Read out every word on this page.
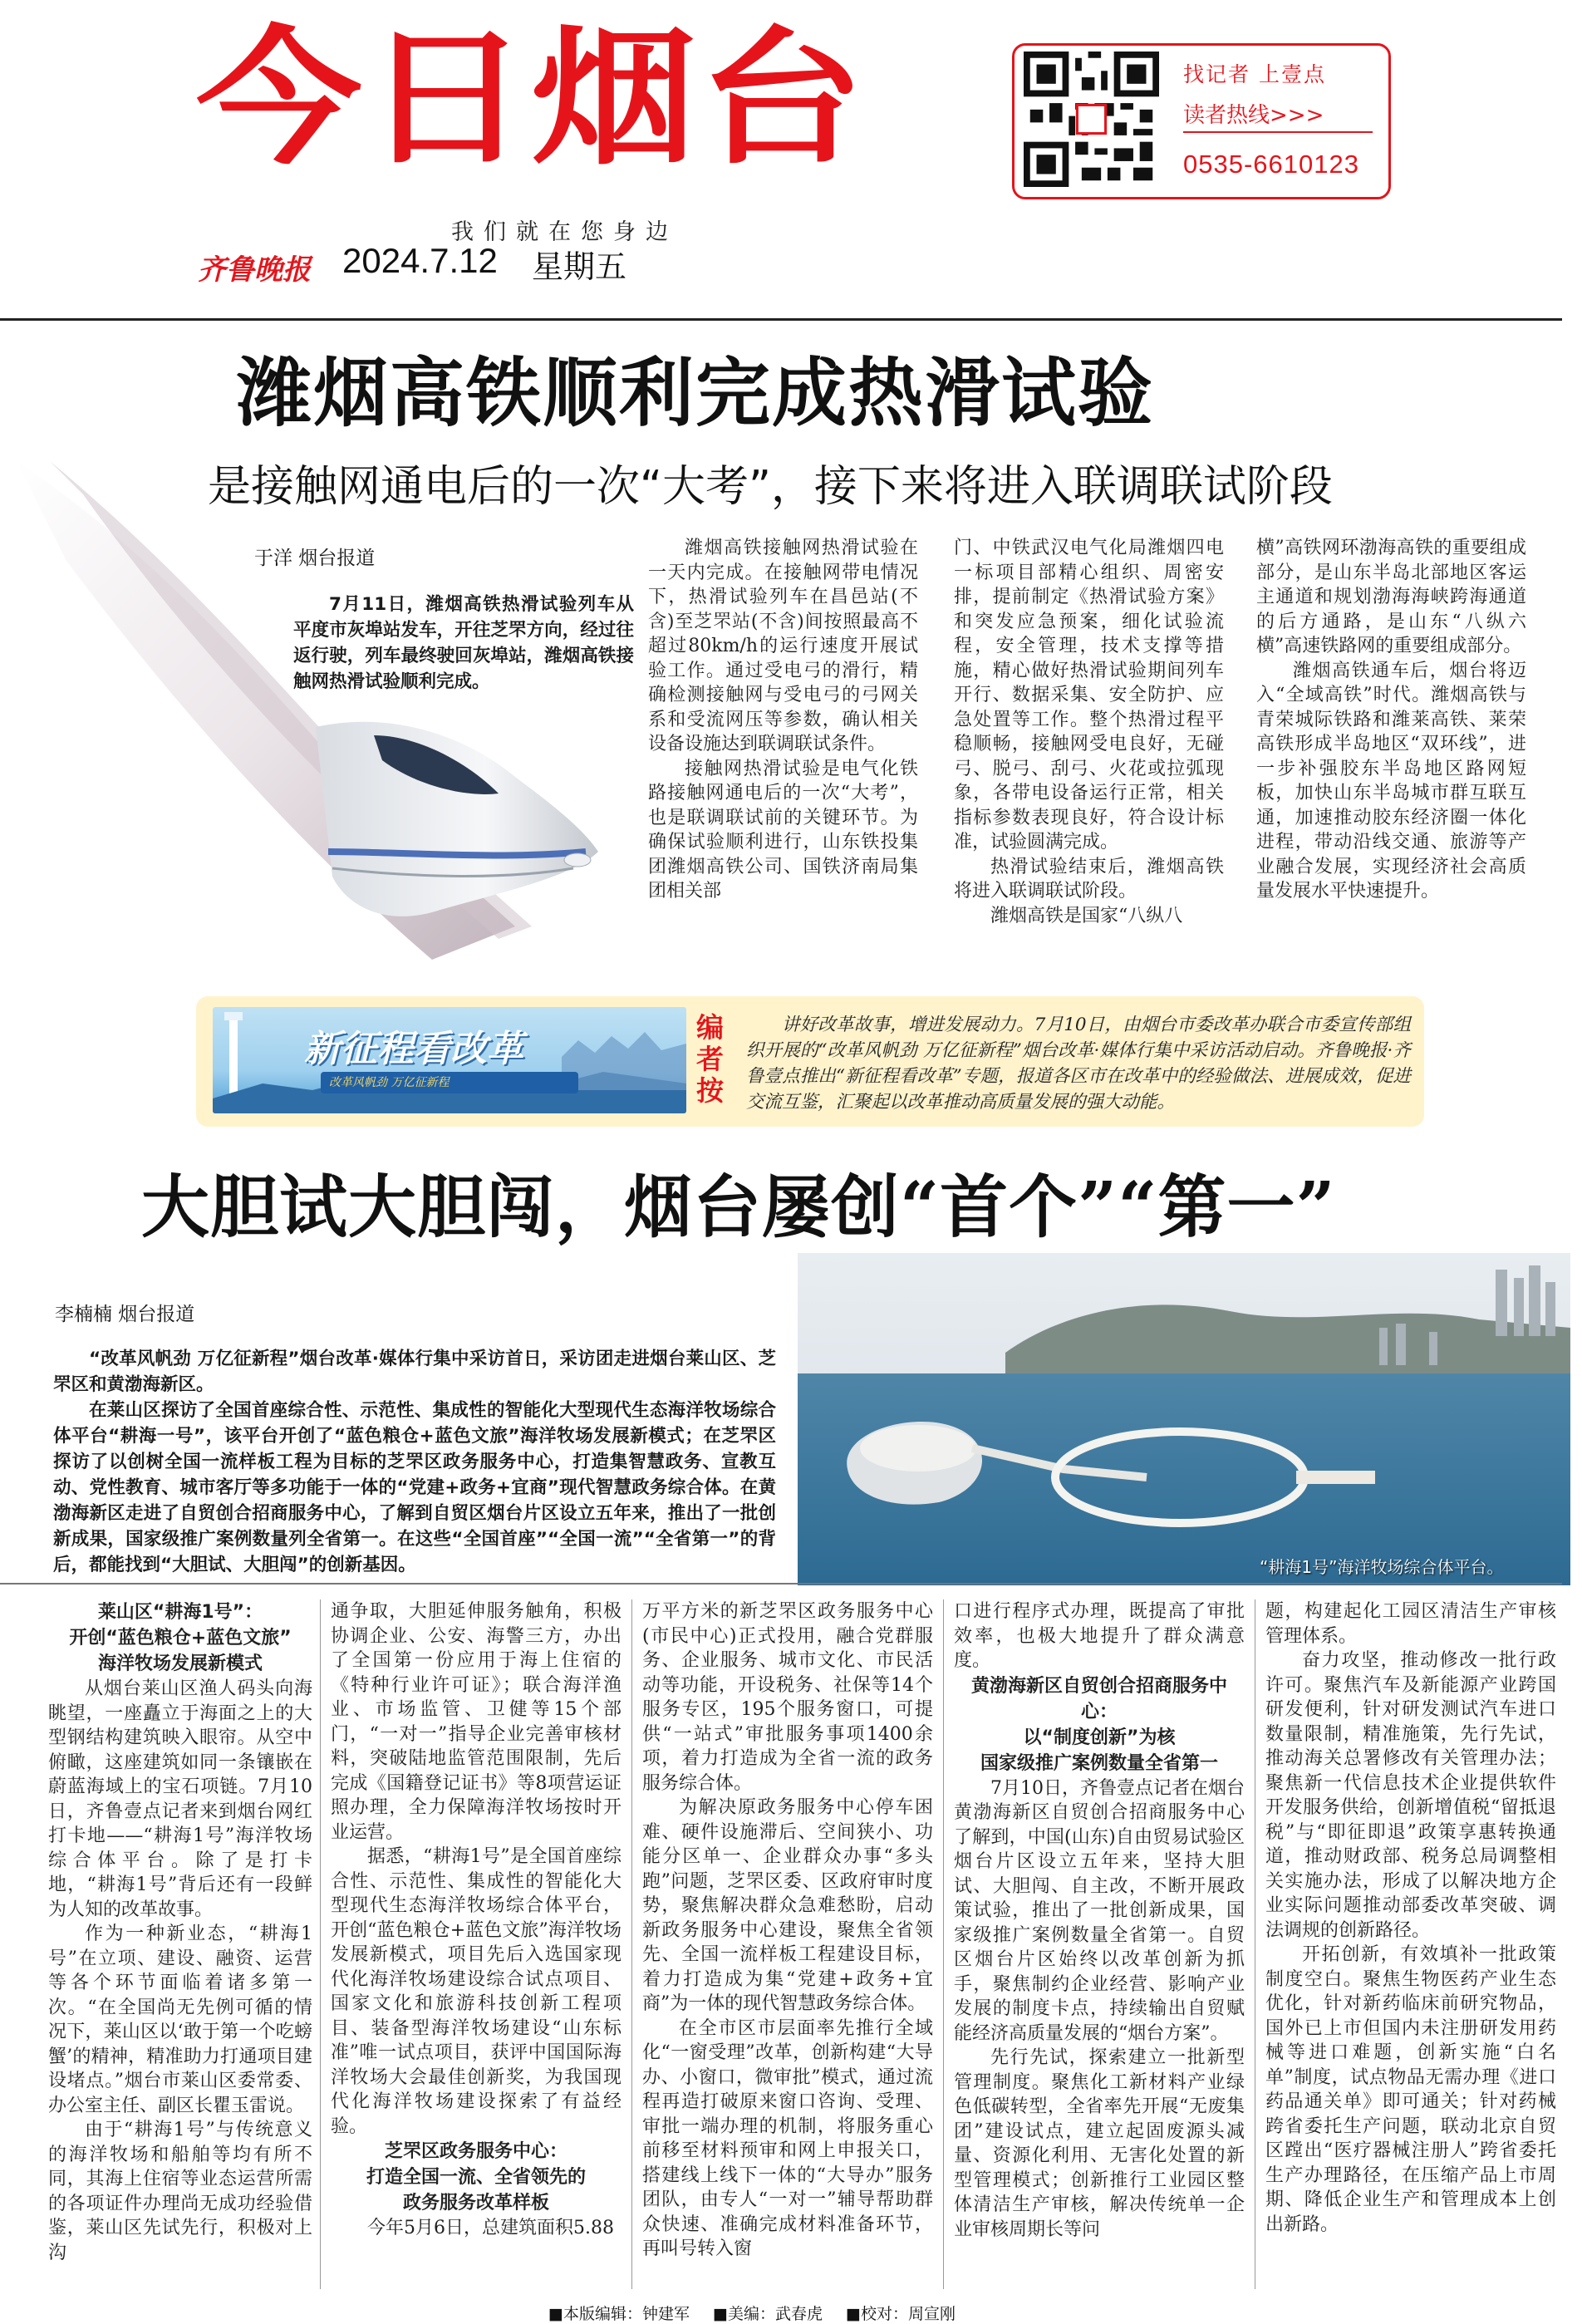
今日烟台
我们就在您身边
齐鲁晚报 2024.7.12 星期五
找记者 上壹点
读者热线>>>
0535-6610123
潍烟高铁顺利完成热滑试验
是接触网通电后的一次“大考”，接下来将进入联调联试阶段
于洋 烟台报道

7月11日，潍烟高铁热滑试验列车从平度市灰埠站发车，开往芝罘方向，经过往返行驶，列车最终驶回灰埠站，潍烟高铁接触网热滑试验顺利完成。

潍烟高铁接触网热滑试验在一天内完成。在接触网带电情况下，热滑试验列车在昌邑站(不含)至芝罘站(不含)间按照最高不超过80km/h的运行速度开展试验工作。通过受电弓的滑行，精确检测接触网与受电弓的弓网关系和受流网压等参数，确认相关设备设施达到联调联试条件。

接触网热滑试验是电气化铁路接触网通电后的一次“大考”，也是联调联试前的关键环节。为确保试验顺利进行，山东铁投集团潍烟高铁公司、国铁济南局集团相关部

门、中铁武汉电气化局潍烟四电一标项目部精心组织、周密安排，提前制定《热滑试验方案》和突发应急预案，细化试验流程，安全管理，技术支撑等措施，精心做好热滑试验期间列车开行、数据采集、安全防护、应急处置等工作。整个热滑过程平稳顺畅，接触网受电良好，无碰弓、脱弓、刮弓、火花或拉弧现象，各带电设备运行正常，相关指标参数表现良好，符合设计标准，试验圆满完成。

热滑试验结束后，潍烟高铁将进入联调联试阶段。

潍烟高铁是国家“八纵八

横”高铁网环渤海高铁的重要组成部分，是山东半岛北部地区客运主通道和规划渤海海峡跨海通道的后方通路，是山东“八纵六横”高速铁路网的重要组成部分。

潍烟高铁通车后，烟台将迈入“全域高铁”时代。潍烟高铁与青荣城际铁路和潍莱高铁、莱荣高铁形成半岛地区“双环线”，进一步补强胶东半岛地区路网短板，加快山东半岛城市群互联互通，加速推动胶东经济圈一体化进程，带动沿线交通、旅游等产业融合发展，实现经济社会高质量发展水平快速提升。

新征程看改革
改革风帆劲 万亿征新程
编者按
讲好改革故事，增进发展动力。7月10日，由烟台市委改革办联合市委宣传部组织开展的“改革风帆劲 万亿征新程”烟台改革·媒体行集中采访活动启动。齐鲁晚报·齐鲁壹点推出“新征程看改革”专题，报道各区市在改革中的经验做法、进展成效，促进交流互鉴，汇聚起以改革推动高质量发展的强大动能。
大胆试大胆闯，烟台屡创“首个”“第一”
“耕海1号”海洋牧场综合体平台。
李楠楠 烟台报道

“改革风帆劲 万亿征新程”烟台改革·媒体行集中采访首日，采访团走进烟台莱山区、芝罘区和黄渤海新区。

在莱山区探访了全国首座综合性、示范性、集成性的智能化大型现代生态海洋牧场综合体平台“耕海一号”，该平台开创了“蓝色粮仓+蓝色文旅”海洋牧场发展新模式；在芝罘区探访了以创树全国一流样板工程为目标的芝罘区政务服务中心，打造集智慧政务、宣教互动、党性教育、城市客厅等多功能于一体的“党建+政务+宜商”现代智慧政务综合体。在黄渤海新区走进了自贸创合招商服务中心，了解到自贸区烟台片区设立五年来，推出了一批创新成果，国家级推广案例数量列全省第一。在这些“全国首座”“全国一流”“全省第一”的背后，都能找到“大胆试、大胆闯”的创新基因。

莱山区“耕海1号”：
开创“蓝色粮仓+蓝色文旅”
海洋牧场发展新模式

从烟台莱山区渔人码头向海眺望，一座矗立于海面之上的大型钢结构建筑映入眼帘。从空中俯瞰，这座建筑如同一条镶嵌在蔚蓝海域上的宝石项链。7月10日，齐鲁壹点记者来到烟台网红打卡地——“耕海1号”海洋牧场综合体平台。除了是打卡地，“耕海1号”背后还有一段鲜为人知的改革故事。

作为一种新业态，“耕海1号”在立项、建设、融资、运营等各个环节面临着诸多第一次。“在全国尚无先例可循的情况下，莱山区以‘敢于第一个吃螃蟹’的精神，精准助力打通项目建设堵点。”烟台市莱山区委常委、办公室主任、副区长瞿玉雷说。

由于“耕海1号”与传统意义的海洋牧场和船舶等均有所不同，其海上住宿等业态运营所需的各项证件办理尚无成功经验借鉴，莱山区先试先行，积极对上沟

通争取，大胆延伸服务触角，积极协调企业、公安、海警三方，办出了全国第一份应用于海上住宿的《特种行业许可证》；联合海洋渔业、市场监管、卫健等15个部门，“一对一”指导企业完善审核材料，突破陆地监管范围限制，先后完成《国籍登记证书》等8项营运证照办理，全力保障海洋牧场按时开业运营。

据悉，“耕海1号”是全国首座综合性、示范性、集成性的智能化大型现代生态海洋牧场综合体平台，开创“蓝色粮仓+蓝色文旅”海洋牧场发展新模式，项目先后入选国家现代化海洋牧场建设综合试点项目、国家文化和旅游科技创新工程项目、装备型海洋牧场建设“山东标准”唯一试点项目，获评中国国际海洋牧场大会最佳创新奖，为我国现代化海洋牧场建设探索了有益经验。

芝罘区政务服务中心：
打造全国一流、全省领先的
政务服务改革样板

今年5月6日，总建筑面积5.88

万平方米的新芝罘区政务服务中心(市民中心)正式投用，融合党群服务、企业服务、城市文化、市民活动等功能，开设税务、社保等14个服务专区，195个服务窗口，可提供“一站式”审批服务事项1400余项，着力打造成为全省一流的政务服务综合体。

为解决原政务服务中心停车困难、硬件设施滞后、空间狭小、功能分区单一、企业群众办事“多头跑”问题，芝罘区委、区政府审时度势，聚焦解决群众急难愁盼，启动新政务服务中心建设，聚焦全省领先、全国一流样板工程建设目标，着力打造成为集“党建+政务+宜商”为一体的现代智慧政务综合体。

在全市区市层面率先推行全域化“一窗受理”改革，创新构建“大导办、小窗口，微审批”模式，通过流程再造打破原来窗口咨询、受理、审批一端办理的机制，将服务重心前移至材料预审和网上申报关口，搭建线上线下一体的“大导办”服务团队，由专人“一对一”辅导帮助群众快速、准确完成材料准备环节，再叫号转入窗

口进行程序式办理，既提高了审批效率，也极大地提升了群众满意度。

黄渤海新区自贸创合招商服务中心：
以“制度创新”为核
国家级推广案例数量全省第一

7月10日，齐鲁壹点记者在烟台黄渤海新区自贸创合招商服务中心了解到，中国(山东)自由贸易试验区烟台片区设立五年来，坚持大胆试、大胆闯、自主改，不断开展政策试验，推出了一批创新成果，国家级推广案例数量全省第一。自贸区烟台片区始终以改革创新为抓手，聚焦制约企业经营、影响产业发展的制度卡点，持续输出自贸赋能经济高质量发展的“烟台方案”。

先行先试，探索建立一批新型管理制度。聚焦化工新材料产业绿色低碳转型，全省率先开展“无废集团”建设试点，建立起固废源头减量、资源化利用、无害化处置的新型管理模式；创新推行工业园区整体清洁生产审核，解决传统单一企业审核周期长等问

题，构建起化工园区清洁生产审核管理体系。

奋力攻坚，推动修改一批行政许可。聚焦汽车及新能源产业跨国研发便利，针对研发测试汽车进口数量限制，精准施策，先行先试，推动海关总署修改有关管理办法；聚焦新一代信息技术企业提供软件开发服务供给，创新增值税“留抵退税”与“即征即退”政策享惠转换通道，推动财政部、税务总局调整相关实施办法，形成了以解决地方企业实际问题推动部委改革突破、调法调规的创新路径。

开拓创新，有效填补一批政策制度空白。聚焦生物医药产业生态优化，针对新药临床前研究物品，国外已上市但国内未注册研发用药械等进口难题，创新实施“白名单”制度，试点物品无需办理《进口药品通关单》即可通关；针对药械跨省委托生产问题，联动北京自贸区蹚出“医疗器械注册人”跨省委托生产办理路径，在压缩产品上市周期、降低企业生产和管理成本上创出新路。

■本版编辑：钟建军 ■美编：武春虎 ■校对：周宣刚
